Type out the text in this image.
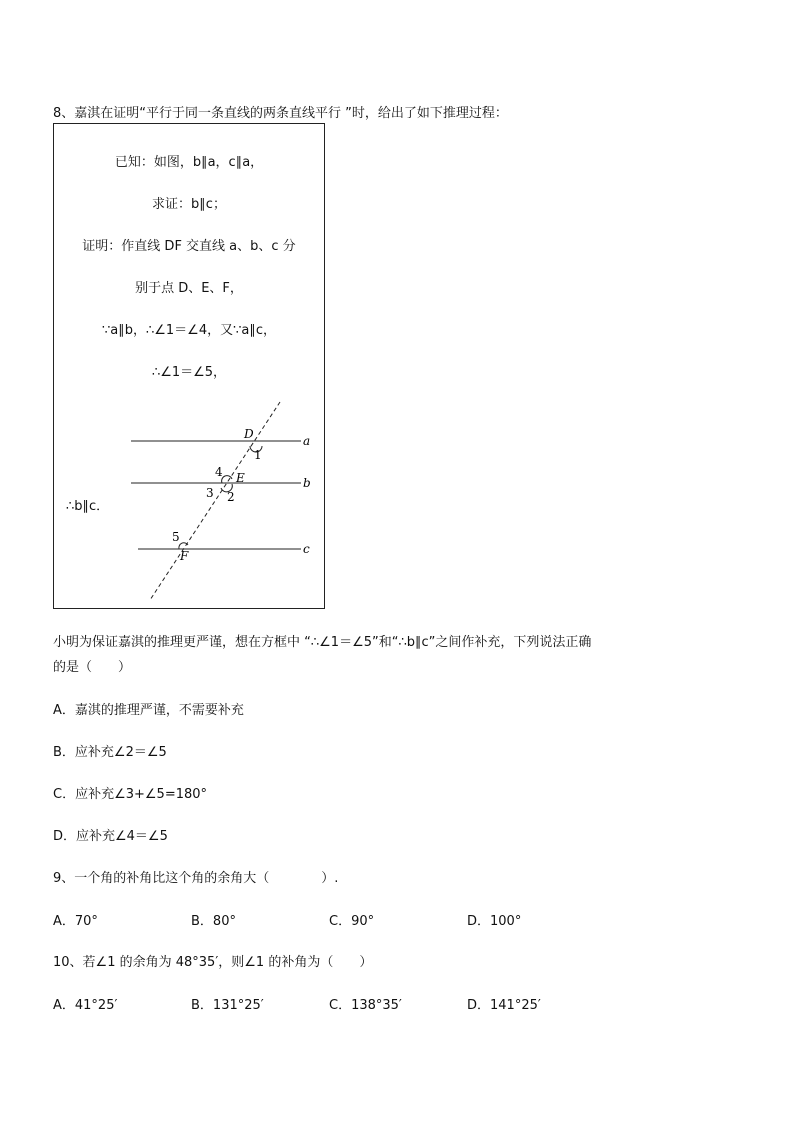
8、嘉淇在证明“平行于同一条直线的两条直线平行 ”时，给出了如下推理过程：
已知：如图，b∥a，c∥a，
求证：b∥c；
证明：作直线 DF 交直线 a、b、c 分
别于点 D、E、F，
∵a∥b，∴∠1＝∠4，又∵a∥c，
∴∠1＝∠5，
∴b∥c．
a
b
c
D
E
F
1
2
3
4
5
小明为保证嘉淇的推理更严谨，想在方框中 “∴∠1＝∠5”和“∴b∥c”之间作补充，下列说法正确
的是（　　）
A．嘉淇的推理严谨，不需要补充
B．应补充∠2＝∠5
C．应补充∠3+∠5=180°
D．应补充∠4＝∠5
9、一个角的补角比这个角的余角大（　　　　）.
A．70°	B．80°	C．90°	D．100°
10、若∠1 的余角为 48°35′，则∠1 的补角为（　　）
A．41°25′	B．131°25′	C．138°35′	D．141°25′
